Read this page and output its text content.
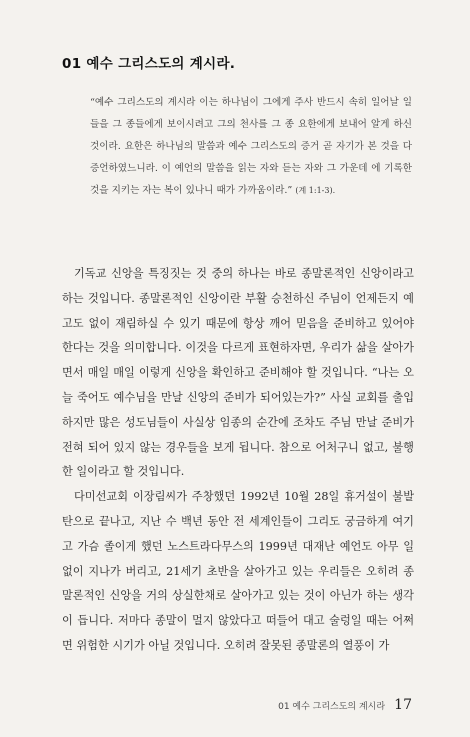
01 예수 그리스도의 계시라.
“예수 그리스도의 계시라 이는 하나님이 그에게 주사 반드시 속히 일어날 일들을 그 종들에게 보이시려고 그의 천사를 그 종 요한에게 보내어 알게 하신 것이라. 요한은 하나님의 말씀과 예수 그리스도의 증거 곧 자기가 본 것을 다 증언하였느니라. 이 예언의 말씀을 읽는 자와 듣는 자와 그 가운데 에 기록한 것을 지키는 자는 복이 있나니 때가 가까움이라.” (계 1:1-3).

기독교 신앙을 특징짓는 것 중의 하나는 바로 종말론적인 신앙이라고 하는 것입니다. 종말론적인 신앙이란 부활 승천하신 주님이 언제든지 예고도 없이 재림하실 수 있기 때문에 항상 깨어 믿음을 준비하고 있어야 한다는 것을 의미합니다. 이것을 다르게 표현하자면, 우리가 삶을 살아가면서 매일 매일 이렇게 신앙을 확인하고 준비해야 할 것입니다. “나는 오늘 죽어도 예수님을 만날 신앙의 준비가 되어있는가?” 사실 교회를 출입하지만 많은 성도님들이 사실상 임종의 순간에 조차도 주님 만날 준비가 전혀 되어 있지 않는 경우들을 보게 됩니다. 참으로 어처구니 없고, 불행한 일이라고 할 것입니다.

다미선교회 이장림씨가 주창했던 1992년 10월 28일 휴거설이 불발탄으로 끝나고, 지난 수 백년 동안 전 세계인들이 그리도 궁금하게 여기고 가슴 졸이게 했던 노스트라다무스의 1999년 대재난 예언도 아무 일 없이 지나가 버리고, 21세기 초반을 살아가고 있는 우리들은 오히려 종말론적인 신앙을 거의 상실한채로 살아가고 있는 것이 아닌가 하는 생각이 듭니다. 저마다 종말이 멀지 않았다고 떠들어 대고 술렁일 때는 어쩌면 위험한 시기가 아닐 것입니다. 오히려 잘못된 종말론의 열풍이 가

01 예수 그리스도의 계시라 17
